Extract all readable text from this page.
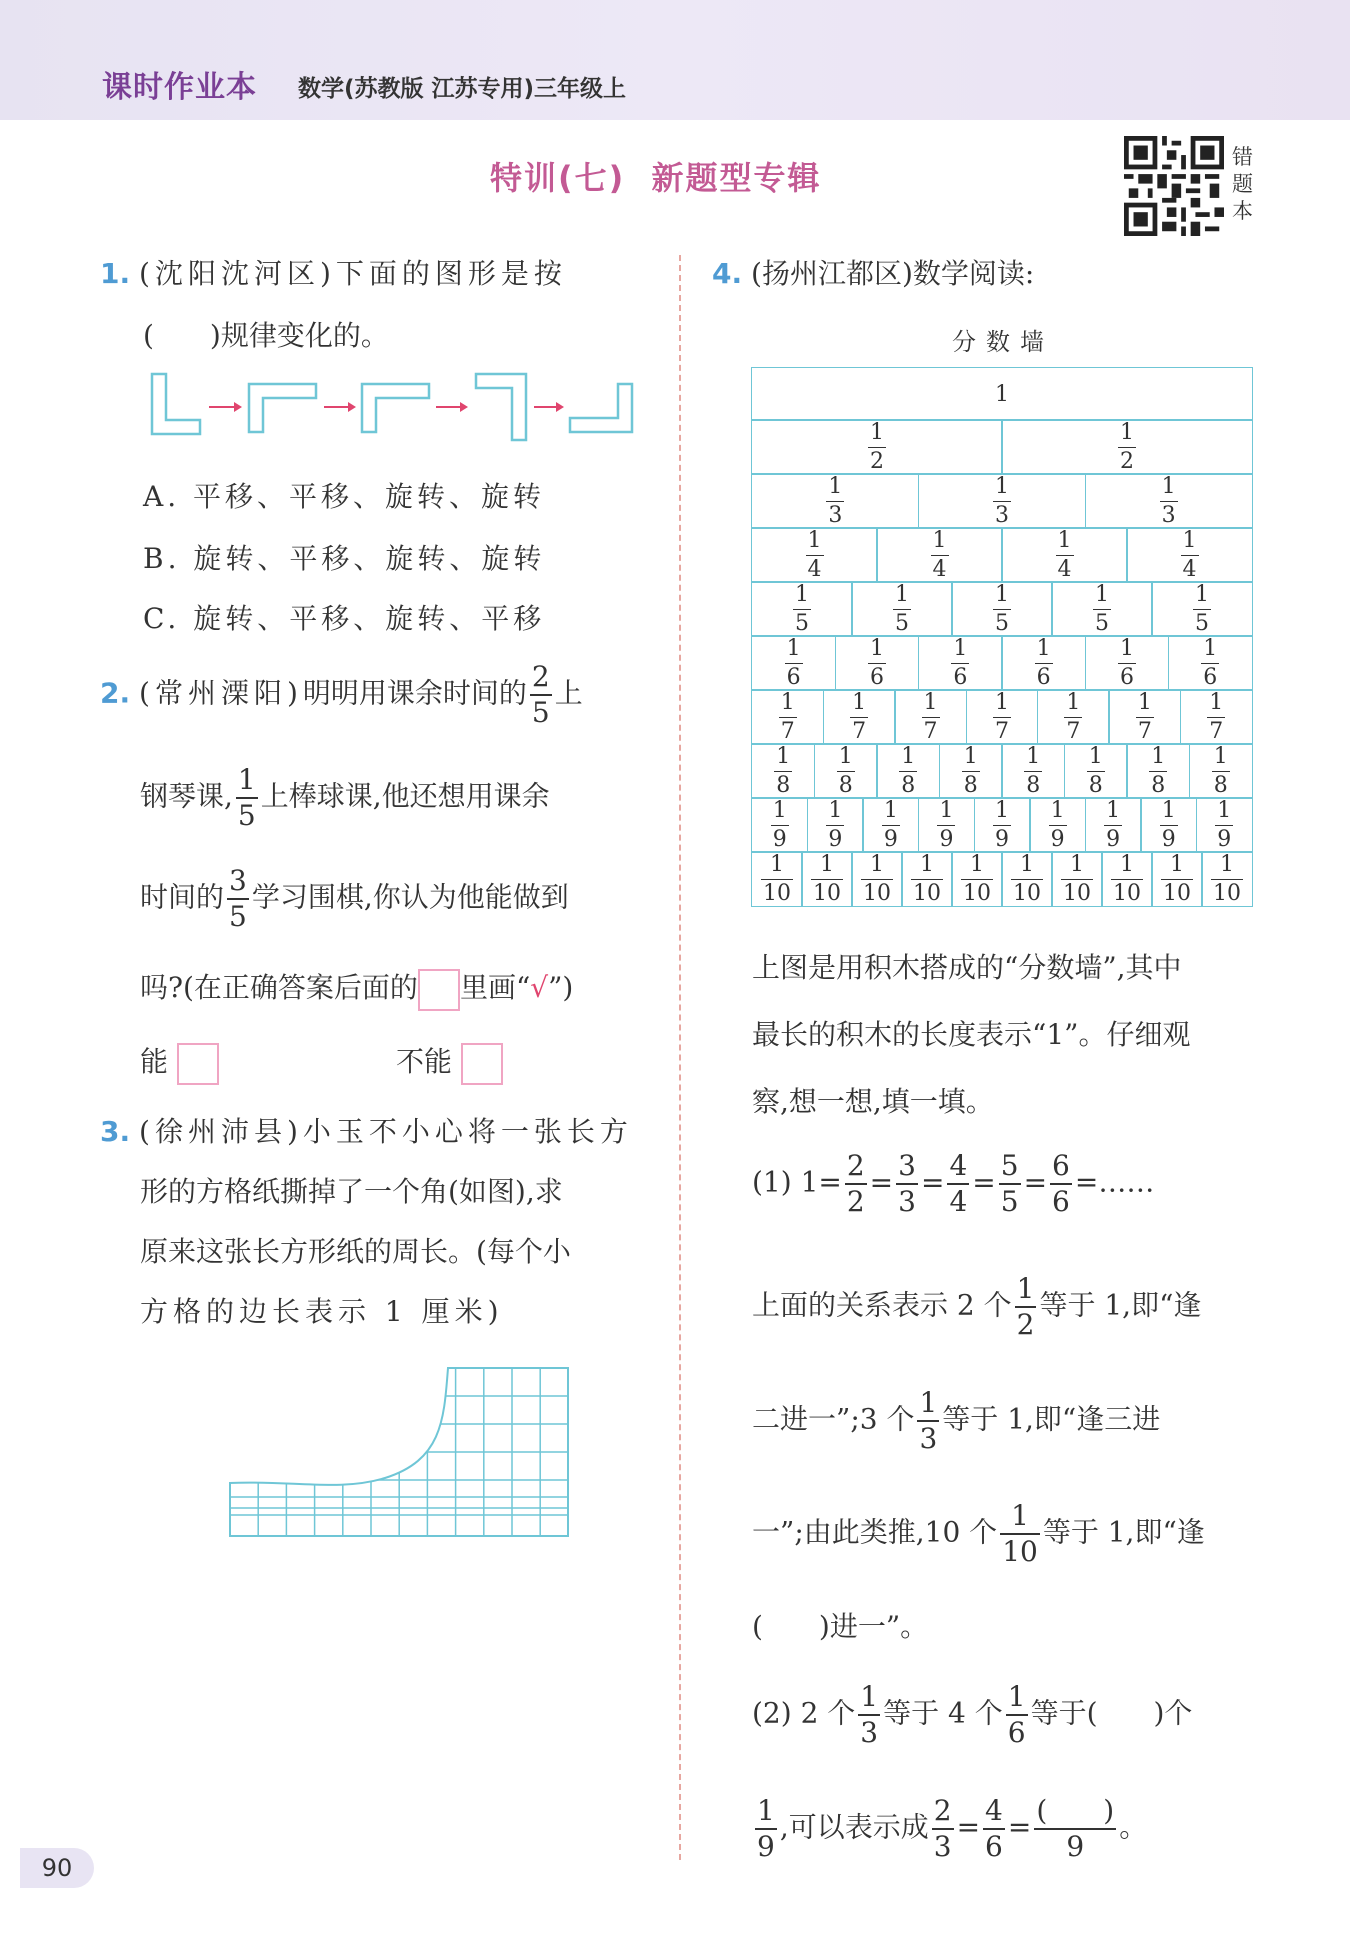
课时作业本 数学(苏教版 江苏专用)三年级上
特训(七)  新题型专辑
错
题
本
1. (沈阳沈河区)下面的图形是按
(　　)规律变化的。
A. 平移、平移、旋转、旋转
B. 旋转、平移、旋转、旋转
C. 旋转、平移、旋转、平移
2. (常州溧阳)明明用课余时间的 $\frac{2}{5}$ 上
钢琴课, $\frac{1}{5}$ 上棒球课,他还想用课余
时间的 $\frac{3}{5}$ 学习围棋,你认为他能做到
吗?(在正确答案后面的 里画“√”)
能	不能
3. (徐州沛县)小玉不小心将一张长方
形的方格纸撕掉了一个角(如图),求
原来这张长方形纸的周长。(每个小
方格的边长表示 1 厘米)
4. (扬州江都区)数学阅读:
分数墙
1
$\frac{1}{2}$	$\frac{1}{2}$
$\frac{1}{3}$	$\frac{1}{3}$	$\frac{1}{3}$
$\frac{1}{4}$	$\frac{1}{4}$	$\frac{1}{4}$	$\frac{1}{4}$
$\frac{1}{5}$	$\frac{1}{5}$	$\frac{1}{5}$	$\frac{1}{5}$	$\frac{1}{5}$
$\frac{1}{6}$	$\frac{1}{6}$	$\frac{1}{6}$	$\frac{1}{6}$	$\frac{1}{6}$	$\frac{1}{6}$
$\frac{1}{7} \frac{1}{7} \frac{1}{7} \frac{1}{7} \frac{1}{7} \frac{1}{7} \frac{1}{7}$
$\frac{1}{8} \frac{1}{8} \frac{1}{8} \frac{1}{8} \frac{1}{8} \frac{1}{8} \frac{1}{8} \frac{1}{8}$
$\frac{1}{9} \frac{1}{9} \frac{1}{9} \frac{1}{9} \frac{1}{9} \frac{1}{9} \frac{1}{9} \frac{1}{9} \frac{1}{9}$
$\frac{1}{10} \frac{1}{10} \frac{1}{10} \frac{1}{10} \frac{1}{10} \frac{1}{10} \frac{1}{10} \frac{1}{10} \frac{1}{10} \frac{1}{10}$
上图是用积木搭成的“分数墙”,其中
最长的积木的长度表示“1”。仔细观
察,想一想,填一填。
(1) $1= \frac{2}{2} = \frac{3}{3} = \frac{4}{4} = \frac{5}{5} = \frac{6}{6}$ =……
上面的关系表示 2 个 $\frac{1}{2}$ 等于 1,即“逢
二进一”;3 个 $\frac{1}{3}$ 等于 1,即“逢三进
一”;由此类推,10 个 $\frac{1}{10}$ 等于 1,即“逢
(　　)进一”。
(2) 2 个 $\frac{1}{3}$ 等于 4 个 $\frac{1}{6}$ 等于(　　)个
$\frac{1}{9}$ ,可以表示成 $\frac{2}{3} = \frac{4}{6} = \frac{( )}{9}$ 。
90
